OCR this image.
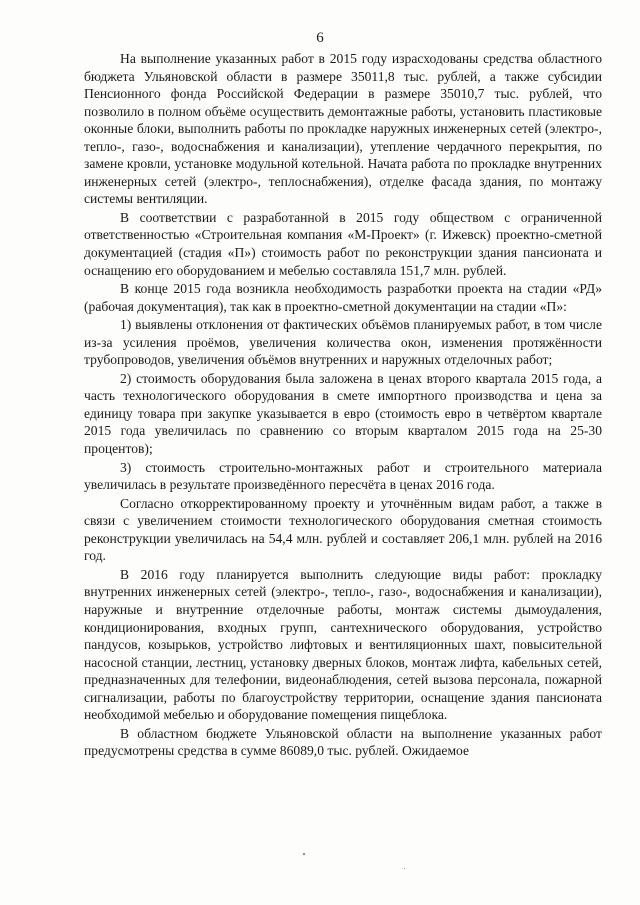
6

На выполнение указанных работ в 2015 году израсходованы средства областного бюджета Ульяновской области в размере 35011,8 тыс. рублей, а также субсидии Пенсионного фонда Российской Федерации в размере 35010,7 тыс. рублей, что позволило в полном объёме осуществить демонтажные работы, установить пластиковые оконные блоки, выполнить работы по прокладке наружных инженерных сетей (электро-, тепло-, газо-, водоснабжения и канализации), утепление чердачного перекрытия, по замене кровли, установке модульной котельной. Начата работа по прокладке внутренних инженерных сетей (электро-, теплоснабжения), отделке фасада здания, по монтажу системы вентиляции.

В соответствии с разработанной в 2015 году обществом с ограниченной ответственностью «Строительная компания «М-Проект» (г. Ижевск) проектно-сметной документацией (стадия «П») стоимость работ по реконструкции здания пансионата и оснащению его оборудованием и мебелью составляла 151,7 млн. рублей.

В конце 2015 года возникла необходимость разработки проекта на стадии «РД» (рабочая документация), так как в проектно-сметной документации на стадии «П»:

1) выявлены отклонения от фактических объёмов планируемых работ, в том числе из-за усиления проёмов, увеличения количества окон, изменения протяжённости трубопроводов, увеличения объёмов внутренних и наружных отделочных работ;

2) стоимость оборудования была заложена в ценах второго квартала 2015 года, а часть технологического оборудования в смете импортного производства и цена за единицу товара при закупке указывается в евро (стоимость евро в четвёртом квартале 2015 года увеличилась по сравнению со вторым кварталом 2015 года на 25-30 процентов);

3) стоимость строительно-монтажных работ и строительного материала увеличилась в результате произведённого пересчёта в ценах 2016 года.

Согласно откорректированному проекту и уточнённым видам работ, а также в связи с увеличением стоимости технологического оборудования сметная стоимость реконструкции увеличилась на 54,4 млн. рублей и составляет 206,1 млн. рублей на 2016 год.

В 2016 году планируется выполнить следующие виды работ: прокладку внутренних инженерных сетей (электро-, тепло-, газо-, водоснабжения и канализации), наружные и внутренние отделочные работы, монтаж системы дымоудаления, кондиционирования, входных групп, сантехнического оборудования, устройство пандусов, козырьков, устройство лифтовых и вентиляционных шахт, повысительной насосной станции, лестниц, установку дверных блоков, монтаж лифта, кабельных сетей, предназначенных для телефонии, видеонаблюдения, сетей вызова персонала, пожарной сигнализации, работы по благоустройству территории, оснащение здания пансионата необходимой мебелью и оборудование помещения пищеблока.

В областном бюджете Ульяновской области на выполнение указанных работ предусмотрены средства в сумме 86089,0 тыс. рублей. Ожидаемое
